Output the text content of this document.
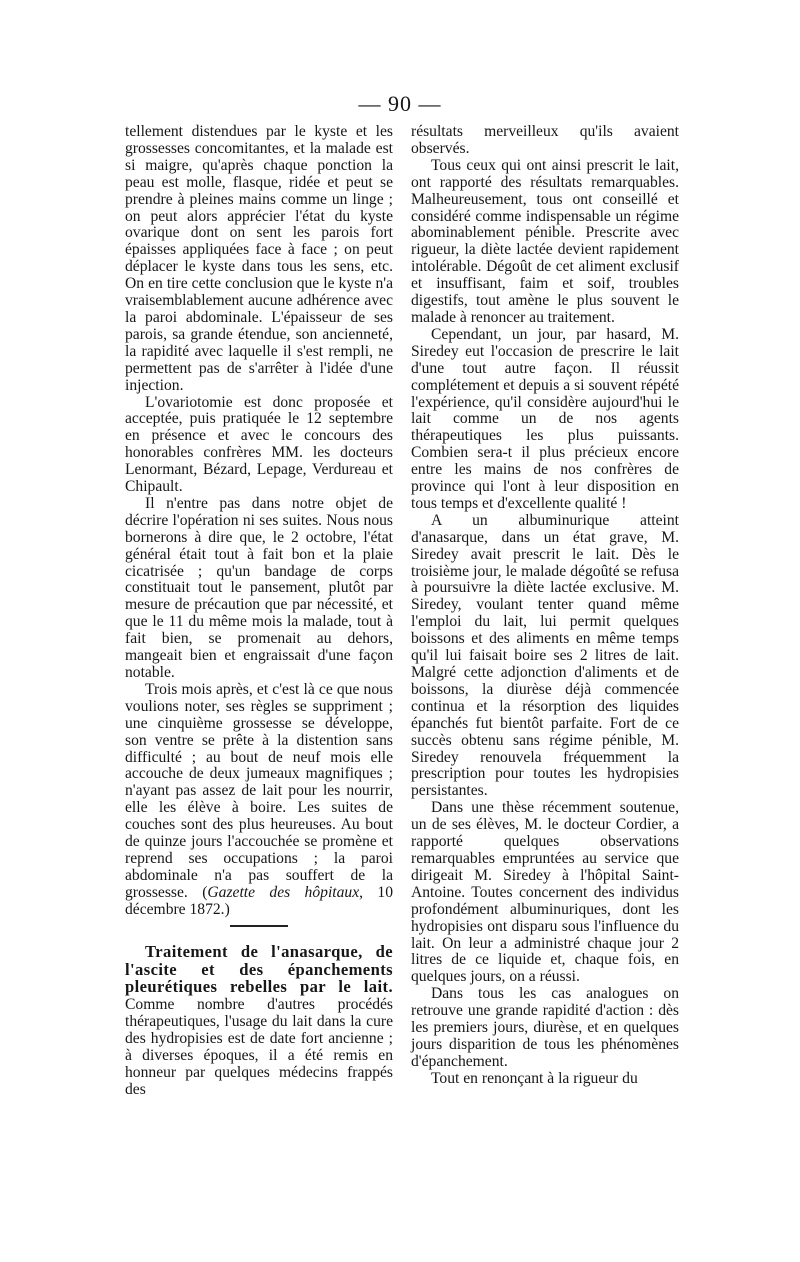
— 90 —

tellement distendues par le kyste et les grossesses concomitantes, et la malade est si maigre, qu'après chaque ponction la peau est molle, flasque, ridée et peut se prendre à pleines mains comme un linge ; on peut alors apprécier l'état du kyste ovarique dont on sent les parois fort épaisses appliquées face à face ; on peut déplacer le kyste dans tous les sens, etc. On en tire cette conclusion que le kyste n'a vraisemblablement aucune adhérence avec la paroi abdominale. L'épaisseur de ses parois, sa grande étendue, son ancienneté, la rapidité avec laquelle il s'est rempli, ne permettent pas de s'arrêter à l'idée d'une injection.

L'ovariotomie est donc proposée et acceptée, puis pratiquée le 12 septembre en présence et avec le concours des honorables confrères MM. les docteurs Lenormant, Bézard, Lepage, Verdureau et Chipault.

Il n'entre pas dans notre objet de décrire l'opération ni ses suites. Nous nous bornerons à dire que, le 2 octobre, l'état général était tout à fait bon et la plaie cicatrisée ; qu'un bandage de corps constituait tout le pansement, plutôt par mesure de précaution que par nécessité, et que le 11 du même mois la malade, tout à fait bien, se promenait au dehors, mangeait bien et engraissait d'une façon notable.

Trois mois après, et c'est là ce que nous voulions noter, ses règles se suppriment ; une cinquième grossesse se développe, son ventre se prête à la distention sans difficulté ; au bout de neuf mois elle accouche de deux jumeaux magnifiques ; n'ayant pas assez de lait pour les nourrir, elle les élève à boire. Les suites de couches sont des plus heureuses. Au bout de quinze jours l'accouchée se promène et reprend ses occupations ; la paroi abdominale n'a pas souffert de la grossesse. (Gazette des hôpitaux, 10 décembre 1872.)

Traitement de l'anasarque, de l'ascite et des épanchements pleurétiques rebelles par le lait. Comme nombre d'autres procédés thérapeutiques, l'usage du lait dans la cure des hydropisies est de date fort ancienne ; à diverses époques, il a été remis en honneur par quelques médecins frappés des

résultats merveilleux qu'ils avaient observés.

Tous ceux qui ont ainsi prescrit le lait, ont rapporté des résultats remarquables. Malheureusement, tous ont conseillé et considéré comme indispensable un régime abominablement pénible. Prescrite avec rigueur, la diète lactée devient rapidement intolérable. Dégoût de cet aliment exclusif et insuffisant, faim et soif, troubles digestifs, tout amène le plus souvent le malade à renoncer au traitement.

Cependant, un jour, par hasard, M. Siredey eut l'occasion de prescrire le lait d'une tout autre façon. Il réussit complétement et depuis a si souvent répété l'expérience, qu'il considère aujourd'hui le lait comme un de nos agents thérapeutiques les plus puissants. Combien sera-t il plus précieux encore entre les mains de nos confrères de province qui l'ont à leur disposition en tous temps et d'excellente qualité !

A un albuminurique atteint d'anasarque, dans un état grave, M. Siredey avait prescrit le lait. Dès le troisième jour, le malade dégoûté se refusa à poursuivre la diète lactée exclusive. M. Siredey, voulant tenter quand même l'emploi du lait, lui permit quelques boissons et des aliments en même temps qu'il lui faisait boire ses 2 litres de lait. Malgré cette adjonction d'aliments et de boissons, la diurèse déjà commencée continua et la résorption des liquides épanchés fut bientôt parfaite. Fort de ce succès obtenu sans régime pénible, M. Siredey renouvela fréquemment la prescription pour toutes les hydropisies persistantes.

Dans une thèse récemment soutenue, un de ses élèves, M. le docteur Cordier, a rapporté quelques observations remarquables empruntées au service que dirigeait M. Siredey à l'hôpital Saint-Antoine. Toutes concernent des individus profondément albuminuriques, dont les hydropisies ont disparu sous l'influence du lait. On leur a administré chaque jour 2 litres de ce liquide et, chaque fois, en quelques jours, on a réussi.

Dans tous les cas analogues on retrouve une grande rapidité d'action : dès les premiers jours, diurèse, et en quelques jours disparition de tous les phénomènes d'épanchement.

Tout en renonçant à la rigueur du
